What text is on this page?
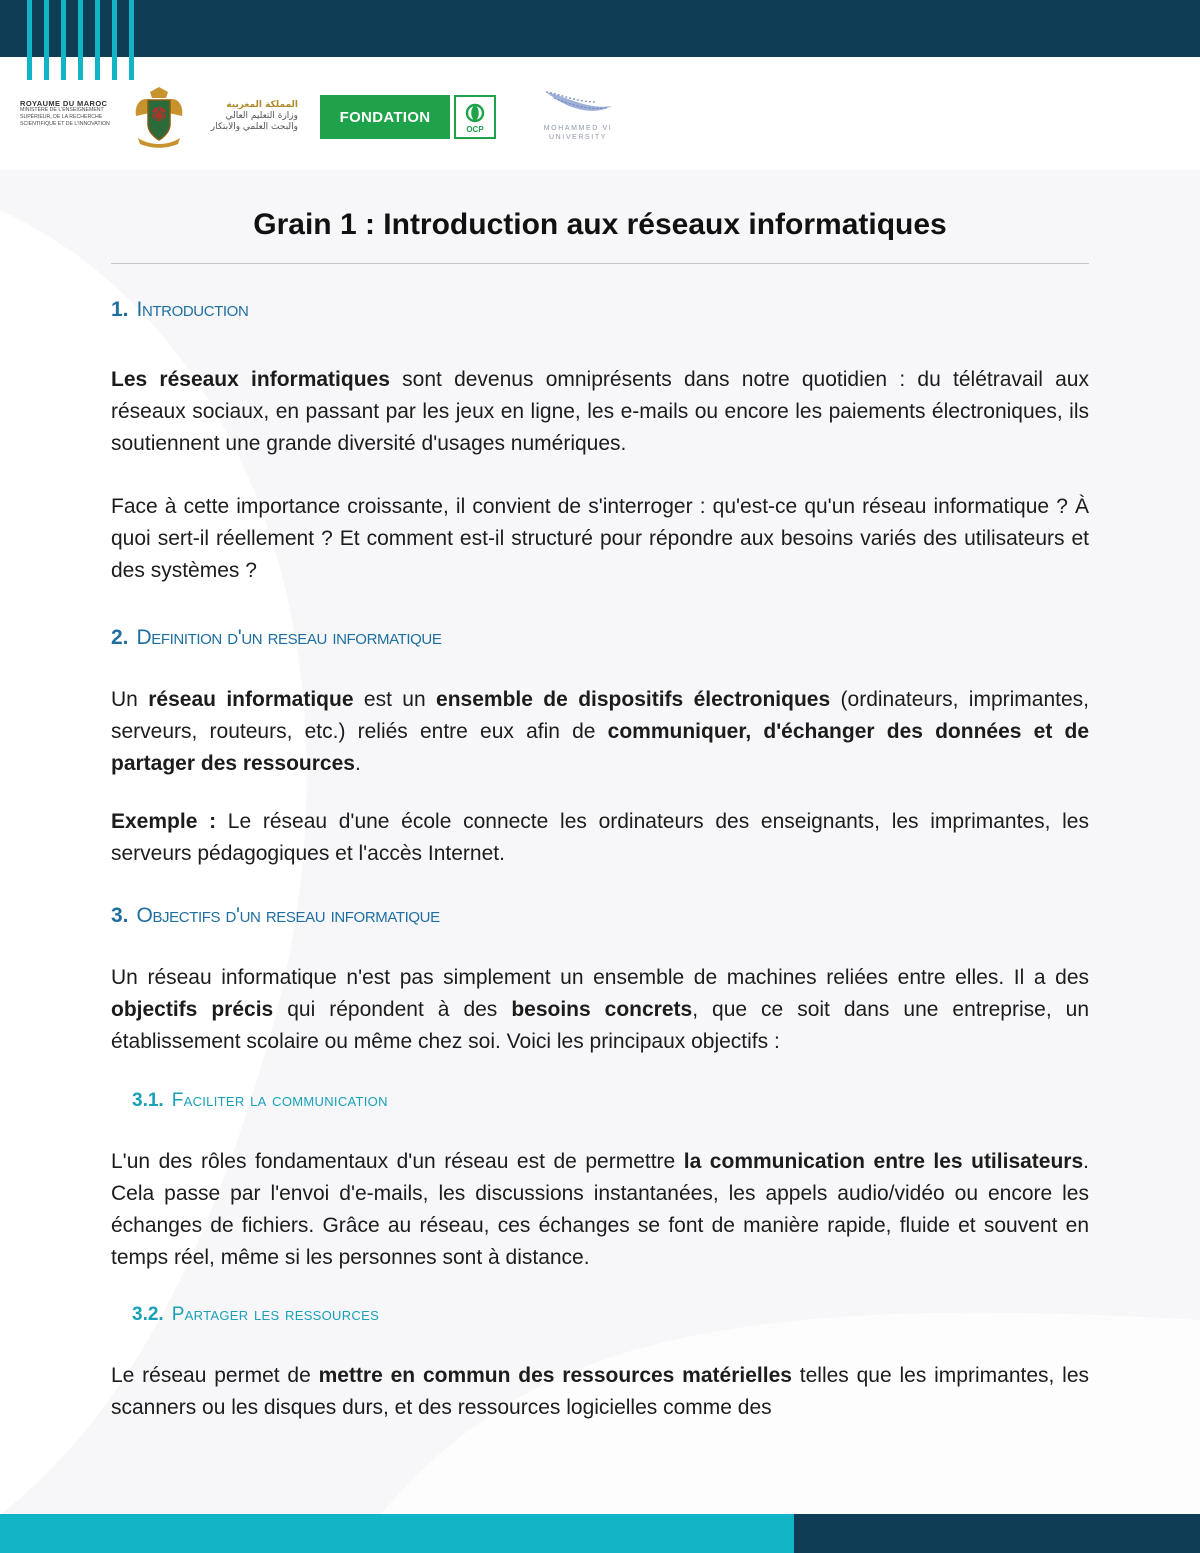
ROYAUME DU MAROC
MINISTÈRE DE L'ENSEIGNEMENT
SUPÉRIEUR, DE LA RECHERCHE
SCIENTIFIQUE ET DE L'INNOVATION
المملكة المغربية
وزارة التعليم العالي
والبحث العلمي والابتكار
FONDATION
OCP	MOHAMMED VI
UNIVERSITY
Grain 1 : Introduction aux réseaux informatiques
1. Introduction
Les réseaux informatiques sont devenus omniprésents dans notre quotidien : du télétravail aux réseaux sociaux, en passant par les jeux en ligne, les e-mails ou encore les paiements électroniques, ils soutiennent une grande diversité d'usages numériques.
Face à cette importance croissante, il convient de s'interroger : qu'est-ce qu'un réseau informatique ? À quoi sert-il réellement ? Et comment est-il structuré pour répondre aux besoins variés des utilisateurs et des systèmes ?
2. Definition d'un reseau informatique
Un réseau informatique est un ensemble de dispositifs électroniques (ordinateurs, imprimantes, serveurs, routeurs, etc.) reliés entre eux afin de communiquer, d'échanger des données et de partager des ressources.
Exemple : Le réseau d'une école connecte les ordinateurs des enseignants, les imprimantes, les serveurs pédagogiques et l'accès Internet.
3. Objectifs d'un reseau informatique
Un réseau informatique n'est pas simplement un ensemble de machines reliées entre elles. Il a des objectifs précis qui répondent à des besoins concrets, que ce soit dans une entreprise, un établissement scolaire ou même chez soi. Voici les principaux objectifs :
3.1. Faciliter la communication
L'un des rôles fondamentaux d'un réseau est de permettre la communication entre les utilisateurs. Cela passe par l'envoi d'e-mails, les discussions instantanées, les appels audio/vidéo ou encore les échanges de fichiers. Grâce au réseau, ces échanges se font de manière rapide, fluide et souvent en temps réel, même si les personnes sont à distance.
3.2. Partager les ressources
Le réseau permet de mettre en commun des ressources matérielles telles que les imprimantes, les scanners ou les disques durs, et des ressources logicielles comme des
